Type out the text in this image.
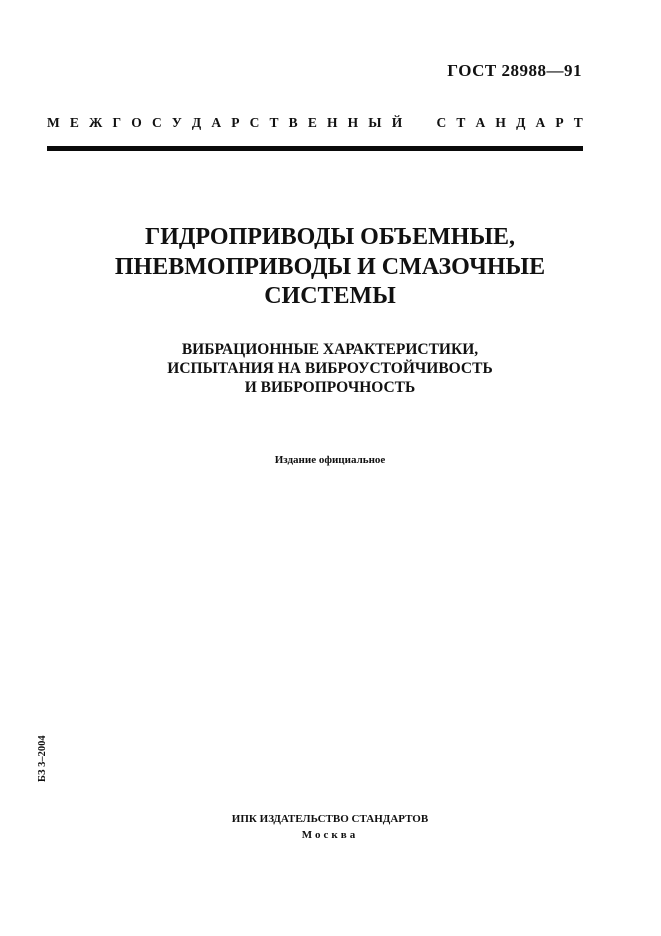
ГОСТ 28988—91
М Е Ж Г О С У Д А Р С Т В Е Н Н Ы Й	С Т А Н Д А Р Т
ГИДРОПРИВОДЫ ОБЪЕМНЫЕ,
ПНЕВМОПРИВОДЫ И СМАЗОЧНЫЕ
СИСТЕМЫ
ВИБРАЦИОННЫЕ ХАРАКТЕРИСТИКИ,
ИСПЫТАНИЯ НА ВИБРОУСТОЙЧИВОСТЬ
И ВИБРОПРОЧНОСТЬ
Издание официальное
БЗ 3–2004
ИПК ИЗДАТЕЛЬСТВО СТАНДАРТОВ
Москва
